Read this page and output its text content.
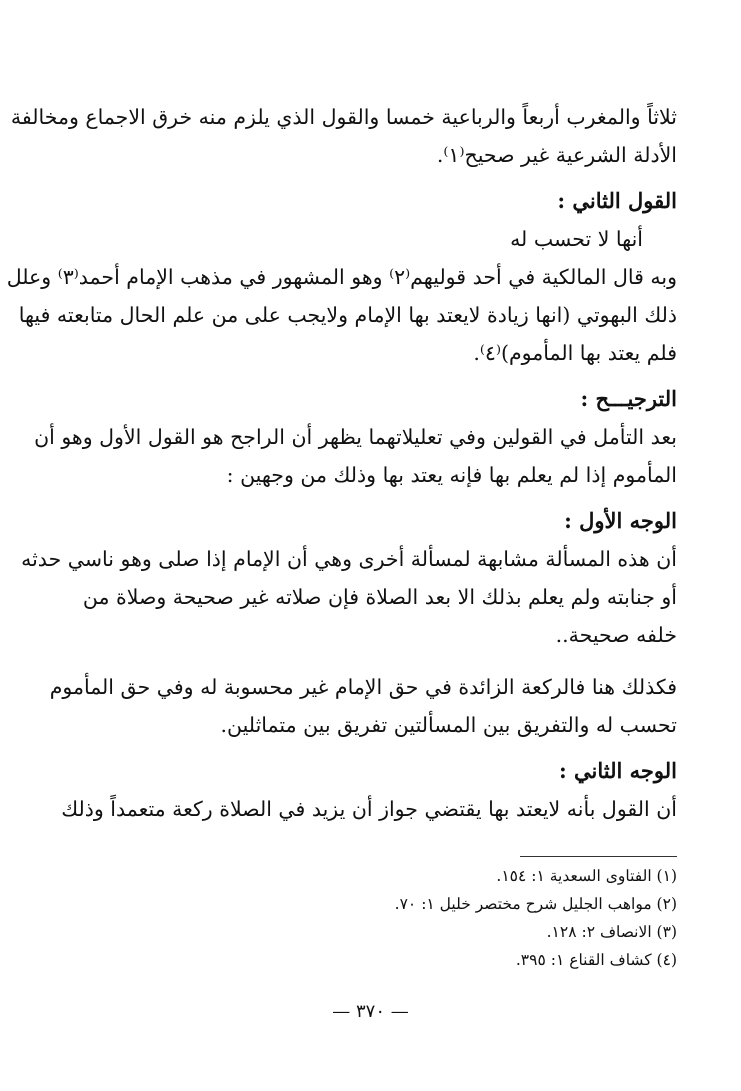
ثلاثاً والمغرب أربعاً والرباعية خمسا والقول الذي يلزم منه خرق الاجماع ومخالفة
الأدلة الشرعية غير صحيح⁽١⁾.
القول الثاني :
أنها لا تحسب له
وبه قال المالكية في أحد قوليهم⁽٢⁾ وهو المشهور في مذهب الإمام أحمد⁽٣⁾ وعلل
ذلك البهوتي (انها زيادة لايعتد بها الإمام ولايجب على من علم الحال متابعته فيها
فلم يعتد بها المأموم)⁽٤⁾.
الترجيـــح :
بعد التأمل في القولين وفي تعليلاتهما يظهر أن الراجح هو القول الأول وهو أن
المأموم إذا لم يعلم بها فإنه يعتد بها وذلك من وجهين :
الوجه الأول :
أن هذه المسألة مشابهة لمسألة أخرى وهي أن الإمام إذا صلى وهو ناسي حدثه
أو جنابته ولم يعلم بذلك الا بعد الصلاة فإن صلاته غير صحيحة وصلاة من
خلفه صحيحة..
فكذلك هنا فالركعة الزائدة في حق الإمام غير محسوبة له وفي حق المأموم
تحسب له والتفريق بين المسألتين تفريق بين متماثلين.
الوجه الثاني :
أن القول بأنه لايعتد بها يقتضي جواز أن يزيد في الصلاة ركعة متعمداً وذلك
(١) الفتاوى السعدية ١: ١٥٤.
(٢) مواهب الجليل شرح مختصر خليل ١: ٧٠.
(٣) الانصاف ٢: ١٢٨.
(٤) كشاف القناع ١: ٣٩٥.
— ٣٧٠ —
